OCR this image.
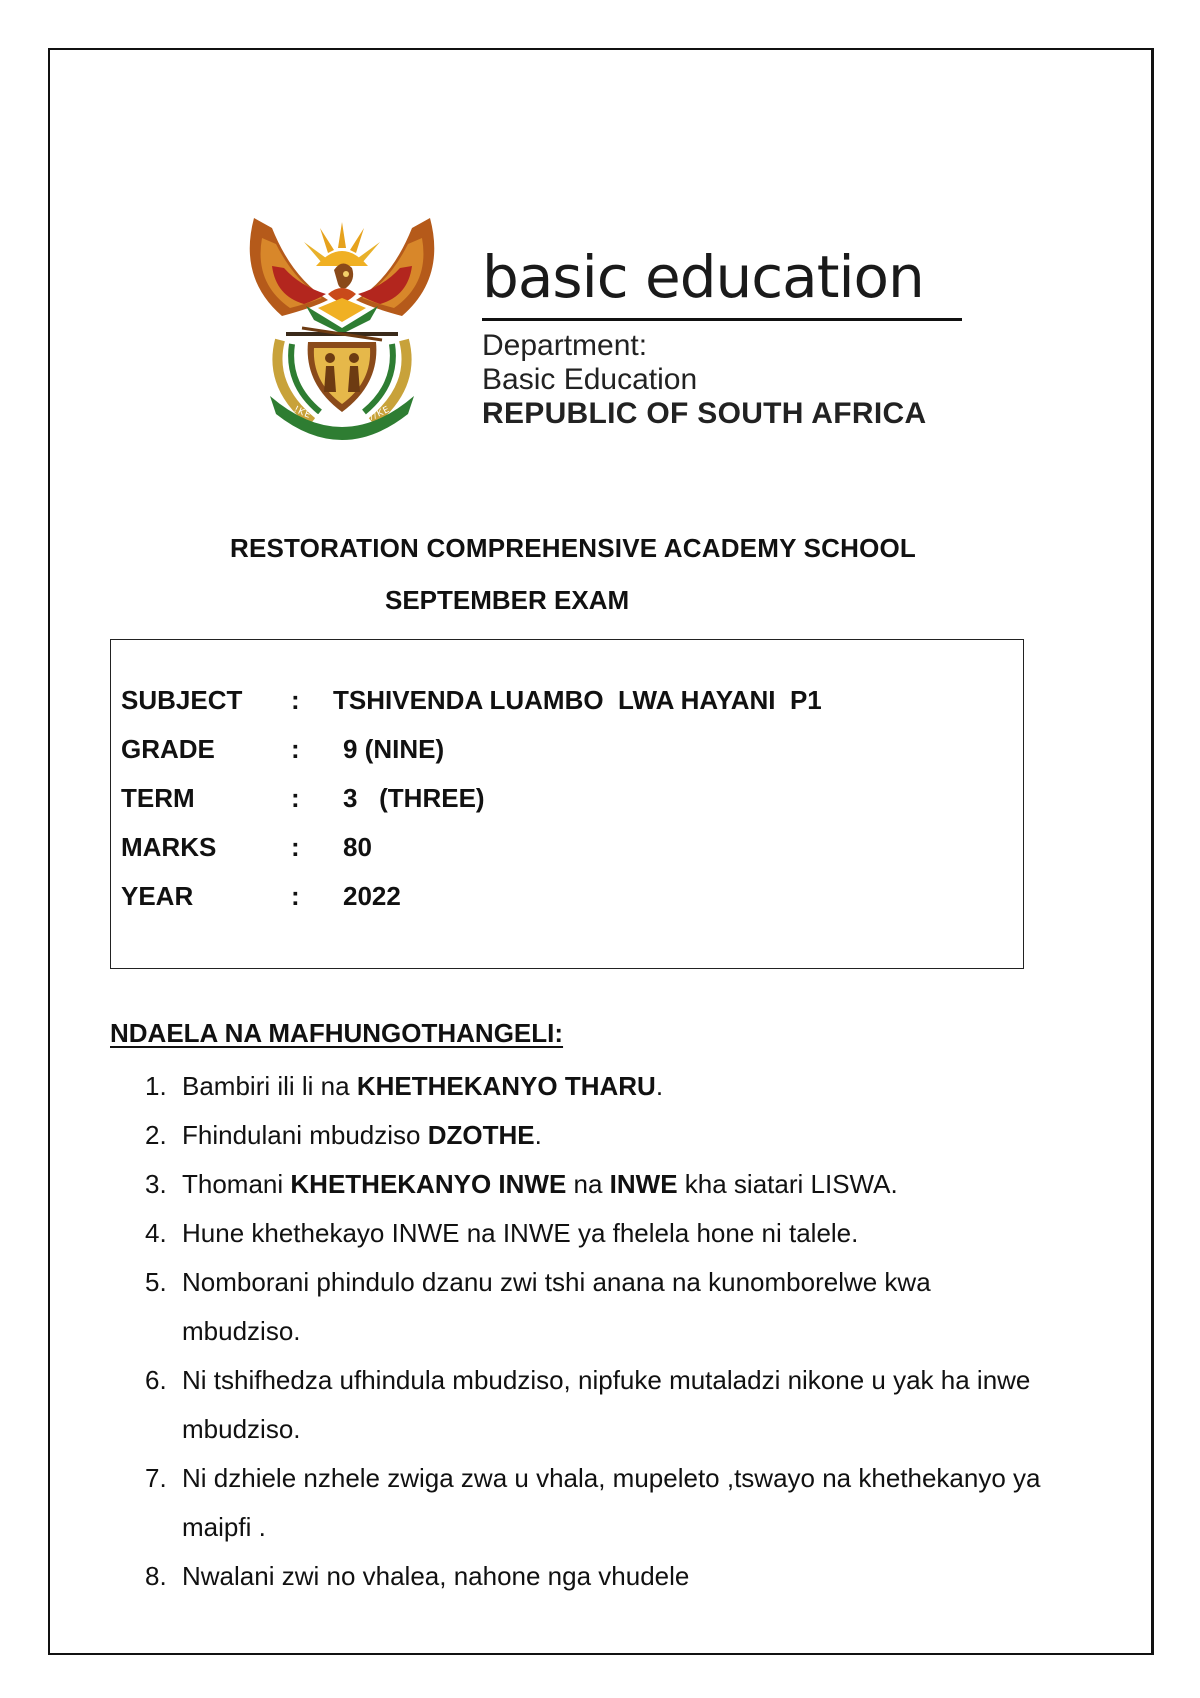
!KE E: /XARRA //KE
basic education
Department:
Basic Education
REPUBLIC OF SOUTH AFRICA
RESTORATION COMPREHENSIVE ACADEMY SCHOOL
SEPTEMBER EXAM
SUBJECT : TSHIVENDA LUAMBO  LWA HAYANI  P1
GRADE	: 9 (NINE)
TERM	: 3   (THREE)
MARKS	: 80
YEAR	: 2022
NDAELA NA MAFHUNGOTHANGELI:
1. Bambiri ili li na KHETHEKANYO THARU.
2. Fhindulani mbudziso DZOTHE.
3. Thomani KHETHEKANYO INWE na INWE kha siatari LISWA.
4. Hune khethekayo INWE na INWE ya fhelela hone ni talele.
5. Nomborani phindulo dzanu zwi tshi anana na kunomborelwe kwa
mbudziso.
6. Ni tshifhedza ufhindula mbudziso, nipfuke mutaladzi nikone u yak ha inwe
mbudziso.
7. Ni dzhiele nzhele zwiga zwa u vhala, mupeleto ,tswayo na khethekanyo ya
maipfi .
8. Nwalani zwi no vhalea, nahone nga vhudele
